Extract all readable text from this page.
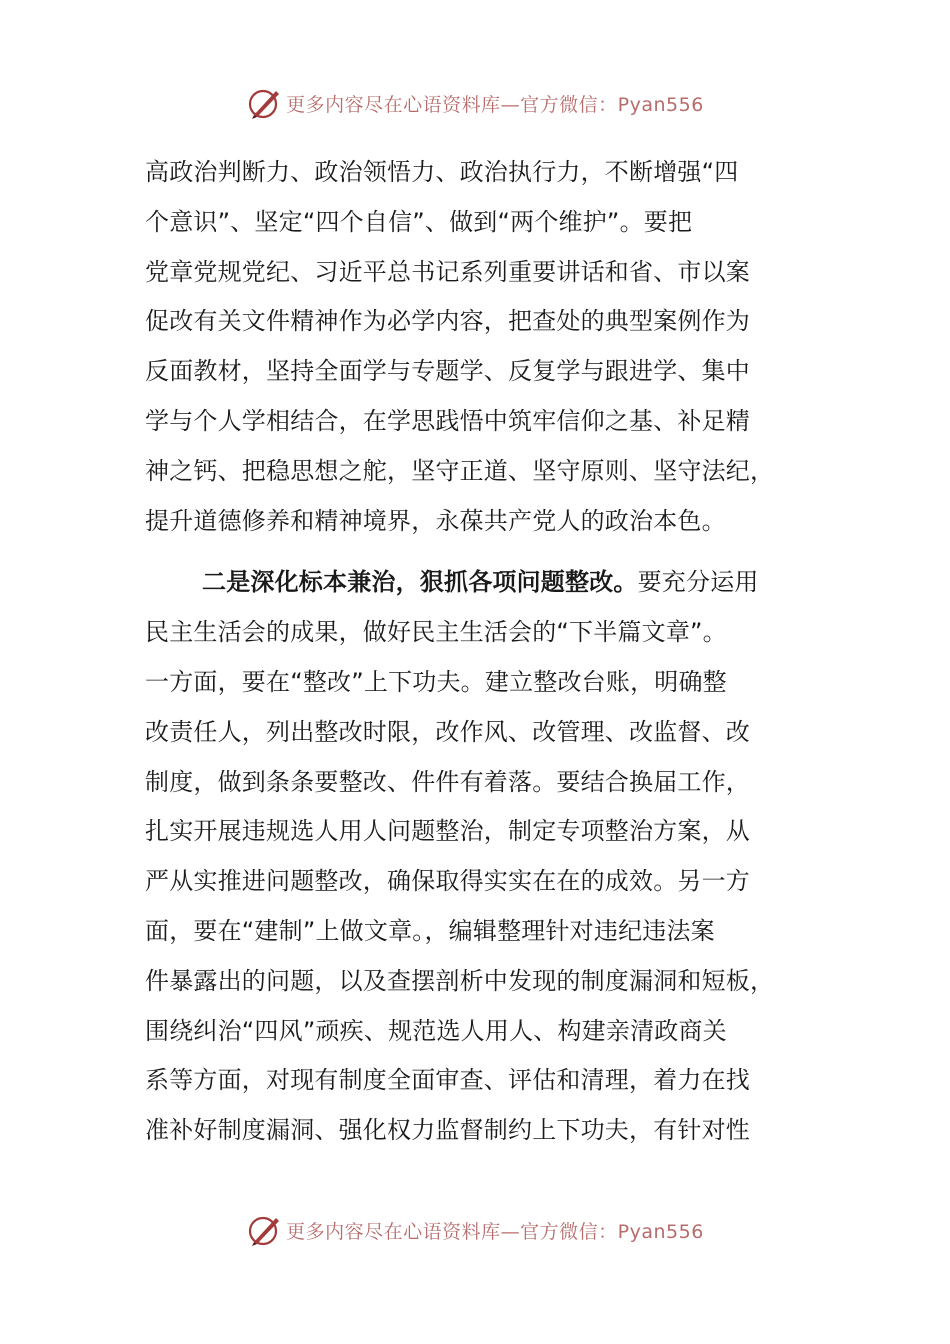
更多内容尽在心语资料库—官方微信：Pyan556
高政治判断力、政治领悟力、政治执行力，不断增强“四
个意识”、坚定“四个自信”、做到“两个维护”。要把
党章党规党纪、习近平总书记系列重要讲话和省、市以案
促改有关文件精神作为必学内容，把查处的典型案例作为
反面教材，坚持全面学与专题学、反复学与跟进学、集中
学与个人学相结合，在学思践悟中筑牢信仰之基、补足精
神之钙、把稳思想之舵，坚守正道、坚守原则、坚守法纪，
提升道德修养和精神境界，永葆共产党人的政治本色。
二是深化标本兼治，狠抓各项问题整改。要充分运用
民主生活会的成果，做好民主生活会的“下半篇文章”。
一方面，要在“整改”上下功夫。建立整改台账，明确整
改责任人，列出整改时限，改作风、改管理、改监督、改
制度，做到条条要整改、件件有着落。要结合换届工作，
扎实开展违规选人用人问题整治，制定专项整治方案，从
严从实推进问题整改，确保取得实实在在的成效。另一方
面，要在“建制”上做文章。，编辑整理针对违纪违法案
件暴露出的问题，以及查摆剖析中发现的制度漏洞和短板，
围绕纠治“四风”顽疾、规范选人用人、构建亲清政商关
系等方面，对现有制度全面审查、评估和清理，着力在找
准补好制度漏洞、强化权力监督制约上下功夫，有针对性
更多内容尽在心语资料库—官方微信：Pyan556
